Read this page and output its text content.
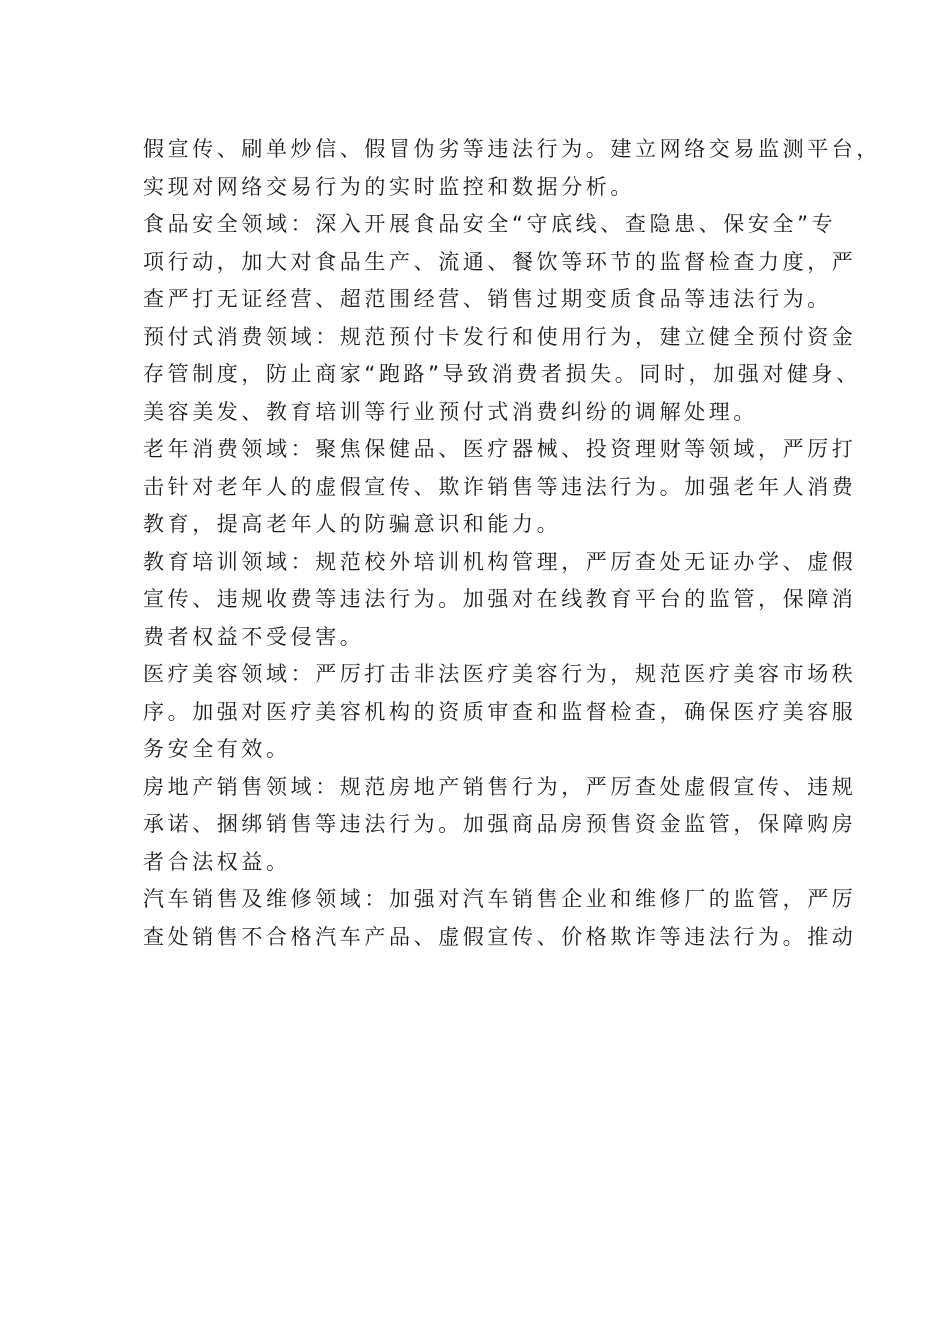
假宣传、刷单炒信、假冒伪劣等违法行为。建立网络交易监测平台，
实现对网络交易行为的实时监控和数据分析。
食品安全领域：深入开展食品安全“守底线、查隐患、保安全”专
项行动，加大对食品生产、流通、餐饮等环节的监督检查力度，严
查严打无证经营、超范围经营、销售过期变质食品等违法行为。
预付式消费领域：规范预付卡发行和使用行为，建立健全预付资金
存管制度，防止商家“跑路”导致消费者损失。同时，加强对健身、
美容美发、教育培训等行业预付式消费纠纷的调解处理。
老年消费领域：聚焦保健品、医疗器械、投资理财等领域，严厉打
击针对老年人的虚假宣传、欺诈销售等违法行为。加强老年人消费
教育，提高老年人的防骗意识和能力。
教育培训领域：规范校外培训机构管理，严厉查处无证办学、虚假
宣传、违规收费等违法行为。加强对在线教育平台的监管，保障消
费者权益不受侵害。
医疗美容领域：严厉打击非法医疗美容行为，规范医疗美容市场秩
序。加强对医疗美容机构的资质审查和监督检查，确保医疗美容服
务安全有效。
房地产销售领域：规范房地产销售行为，严厉查处虚假宣传、违规
承诺、捆绑销售等违法行为。加强商品房预售资金监管，保障购房
者合法权益。
汽车销售及维修领域：加强对汽车销售企业和维修厂的监管，严厉
查处销售不合格汽车产品、虚假宣传、价格欺诈等违法行为。推动
